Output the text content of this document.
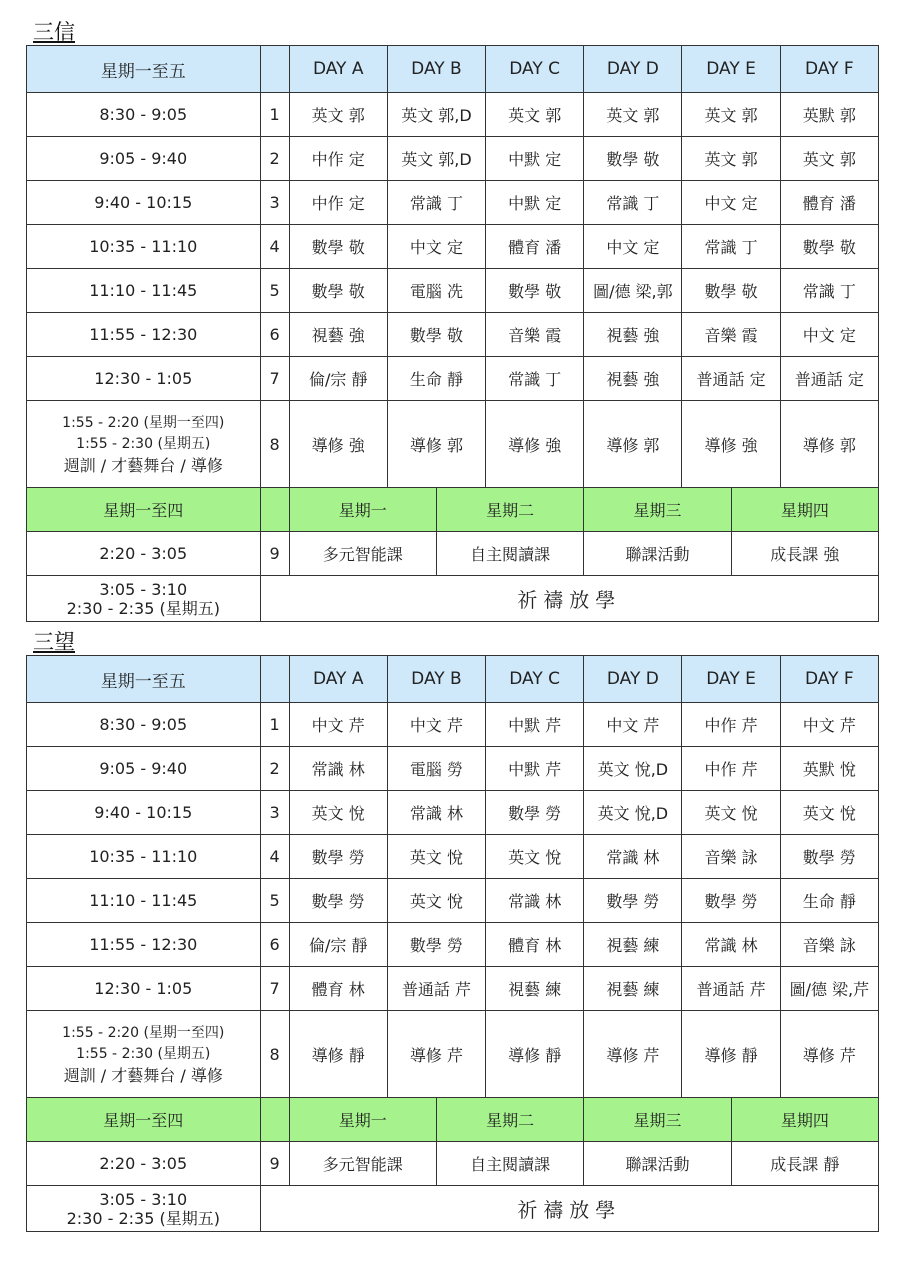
三信
星期一至五		DAY A	DAY B	DAY C	DAY D	DAY E	DAY F
8:30 - 9:05	1	英文 郭	英文 郭,D	英文 郭	英文 郭	英文 郭	英默 郭
9:05 - 9:40	2	中作 定	英文 郭,D	中默 定	數學 敬	英文 郭	英文 郭
9:40 - 10:15	3	中作 定	常識 丁	中默 定	常識 丁	中文 定	體育 潘
10:35 - 11:10	4	數學 敬	中文 定	體育 潘	中文 定	常識 丁	數學 敬
11:10 - 11:45	5	數學 敬	電腦 冼	數學 敬	圖/德 梁,郭	數學 敬	常識 丁
11:55 - 12:30	6	視藝 強	數學 敬	音樂 霞	視藝 強	音樂 霞	中文 定
12:30 - 1:05	7	倫/宗 靜	生命 靜	常識 丁	視藝 強	普通話 定	普通話 定

1:55 - 2:20 (星期一至四)
1:55 - 2:30 (星期五)
週訓 / 才藝舞台 / 導修	8	導修 強	導修 郭	導修 強	導修 郭	導修 強	導修 郭
星期一至四		星期一	星期二	星期三	星期四
2:20 - 3:05	9	多元智能課	自主閱讀課	聯課活動	成長課 強

3:05 - 3:10
2:30 - 2:35 (星期五)	祈禱放學				
三望
星期一至五		DAY A	DAY B	DAY C	DAY D	DAY E	DAY F
8:30 - 9:05	1	中文 芹	中文 芹	中默 芹	中文 芹	中作 芹	中文 芹
9:05 - 9:40	2	常識 林	電腦 勞	中默 芹	英文 悅,D	中作 芹	英默 悅
9:40 - 10:15	3	英文 悅	常識 林	數學 勞	英文 悅,D	英文 悅	英文 悅
10:35 - 11:10	4	數學 勞	英文 悅	英文 悅	常識 林	音樂 詠	數學 勞
11:10 - 11:45	5	數學 勞	英文 悅	常識 林	數學 勞	數學 勞	生命 靜
11:55 - 12:30	6	倫/宗 靜	數學 勞	體育 林	視藝 練	常識 林	音樂 詠
12:30 - 1:05	7	體育 林	普通話 芹	視藝 練	視藝 練	普通話 芹	圖/德 梁,芹

1:55 - 2:20 (星期一至四)
1:55 - 2:30 (星期五)
週訓 / 才藝舞台 / 導修	8	導修 靜	導修 芹	導修 靜	導修 芹	導修 靜	導修 芹
星期一至四		星期一	星期二	星期三	星期四
2:20 - 3:05	9	多元智能課	自主閱讀課	聯課活動	成長課 靜

3:05 - 3:10
2:30 - 2:35 (星期五)	祈禱放學				
